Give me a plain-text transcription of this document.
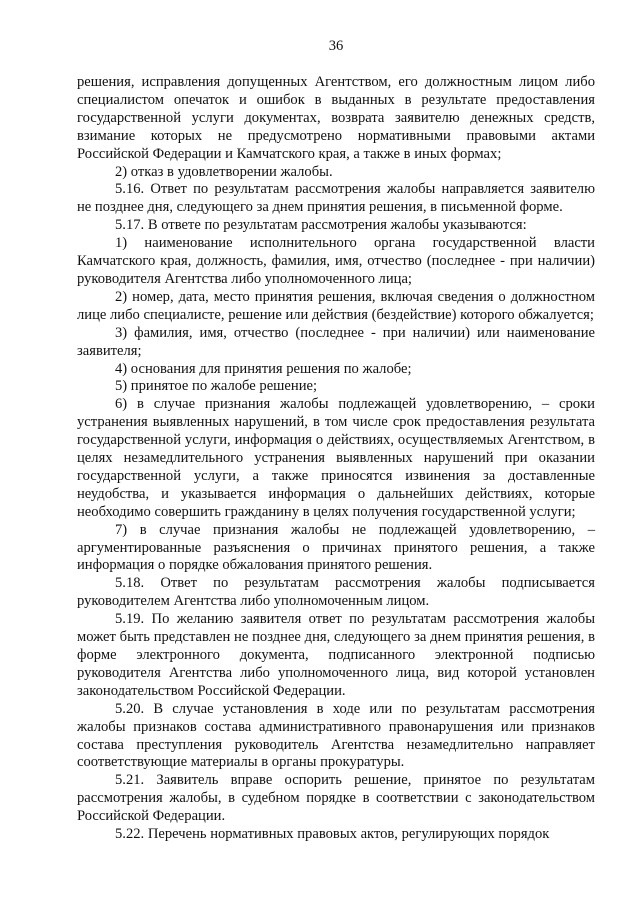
36

решения, исправления допущенных Агентством, его должностным лицом либо специалистом опечаток и ошибок в выданных в результате предоставления государственной услуги документах, возврата заявителю денежных средств, взимание которых не предусмотрено нормативными правовыми актами Российской Федерации и Камчатского края, а также в иных формах;

2) отказ в удовлетворении жалобы.

5.16. Ответ по результатам рассмотрения жалобы направляется заявителю не позднее дня, следующего за днем принятия решения, в письменной форме.

5.17. В ответе по результатам рассмотрения жалобы указываются:

1) наименование исполнительного органа государственной власти Камчатского края, должность, фамилия, имя, отчество (последнее - при наличии) руководителя Агентства либо уполномоченного лица;

2) номер, дата, место принятия решения, включая сведения о должностном лице либо специалисте, решение или действия (бездействие) которого обжалуется;

3) фамилия, имя, отчество (последнее - при наличии) или наименование заявителя;

4) основания для принятия решения по жалобе;

5) принятое по жалобе решение;

6) в случае признания жалобы подлежащей удовлетворению, – сроки устранения выявленных нарушений, в том числе срок предоставления результата государственной услуги, информация о действиях, осуществляемых Агентством, в целях незамедлительного устранения выявленных нарушений при оказании государственной услуги, а также приносятся извинения за доставленные неудобства, и указывается информация о дальнейших действиях, которые необходимо совершить гражданину в целях получения государственной услуги;

7) в случае признания жалобы не подлежащей удовлетворению, – аргументированные разъяснения о причинах принятого решения, а также информация о порядке обжалования принятого решения.

5.18. Ответ по результатам рассмотрения жалобы подписывается руководителем Агентства либо уполномоченным лицом.

5.19. По желанию заявителя ответ по результатам рассмотрения жалобы может быть представлен не позднее дня, следующего за днем принятия решения, в форме электронного документа, подписанного электронной подписью руководителя Агентства либо уполномоченного лица, вид которой установлен законодательством Российской Федерации.

5.20. В случае установления в ходе или по результатам рассмотрения жалобы признаков состава административного правонарушения или признаков состава преступления руководитель Агентства незамедлительно направляет соответствующие материалы в органы прокуратуры.

5.21. Заявитель вправе оспорить решение, принятое по результатам рассмотрения жалобы, в судебном порядке в соответствии с законодательством Российской Федерации.

5.22. Перечень нормативных правовых актов, регулирующих порядок
